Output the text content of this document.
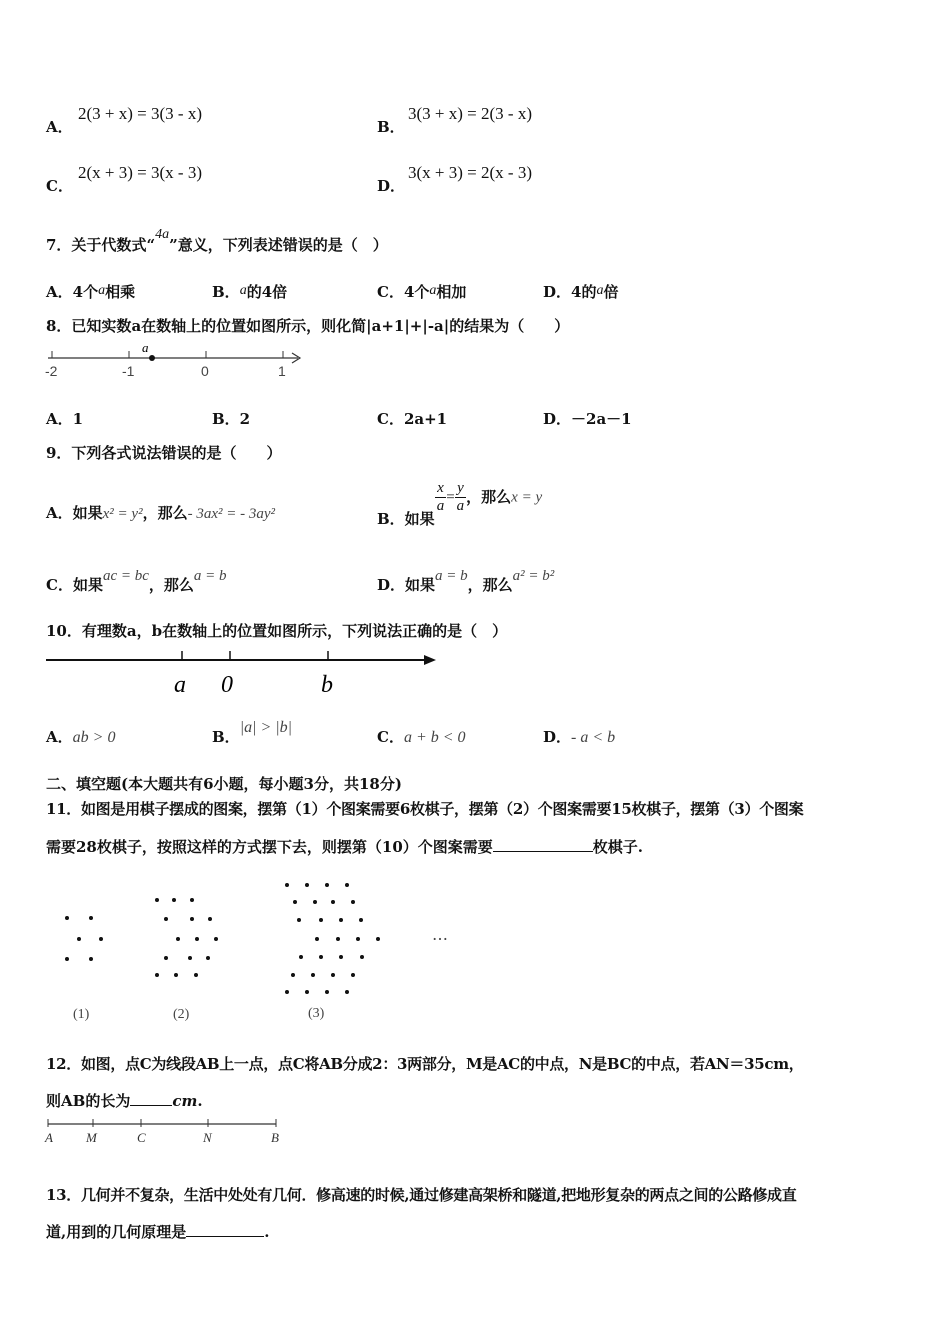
A．
2(3 + x) = 3(3 - x)
B．
3(3 + x) = 2(3 - x)
C．
2(x + 3) = 3(x - 3)
D．
3(x + 3) = 2(x - 3)
7．关于代数式“4a”意义，下列表述错误的是（　）
A．4个a相乘	B．a的4倍	C．4个a相加	D．4的a倍
8．已知实数a在数轴上的位置如图所示，则化简|a+1|+|-a|的结果为（　　）
a
-2	-1	0	1
A．1	B．2	C．2a+1	D．－2a－1
9．下列各式说法错误的是（　　）
A．如果x² = y²，那么- 3ax² = - 3ay²	B．如果
$\frac{x}{a} = \frac{y}{a}$ ，那么x = y
C．如果ac = bc，那么a = b	D．如果a = b，那么a² = b²
10．有理数a，b在数轴上的位置如图所示，下列说法正确的是（　）
a 0	b
A．ab > 0	B．|a| > |b|
C．a + b < 0	D．- a < b
二、填空题(本大题共有6小题，每小题3分，共18分)
11．如图是用棋子摆成的图案，摆第（1）个图案需要6枚棋子，摆第（2）个图案需要15枚棋子，摆第（3）个图案
需要28枚棋子，按照这样的方式摆下去，则摆第（10）个图案需要	枚棋子.
…
(1)	(2)	(3)
12．如图，点C为线段AB上一点，点C将AB分成2：3两部分，M是AC的中点，N是BC的中点，若AN＝35cm，
则AB的长为	cm.
A	M	C	N	B
13．几何并不复杂，生活中处处有几何．修高速的时候,通过修建高架桥和隧道,把地形复杂的两点之间的公路修成直
道,用到的几何原理是	.
